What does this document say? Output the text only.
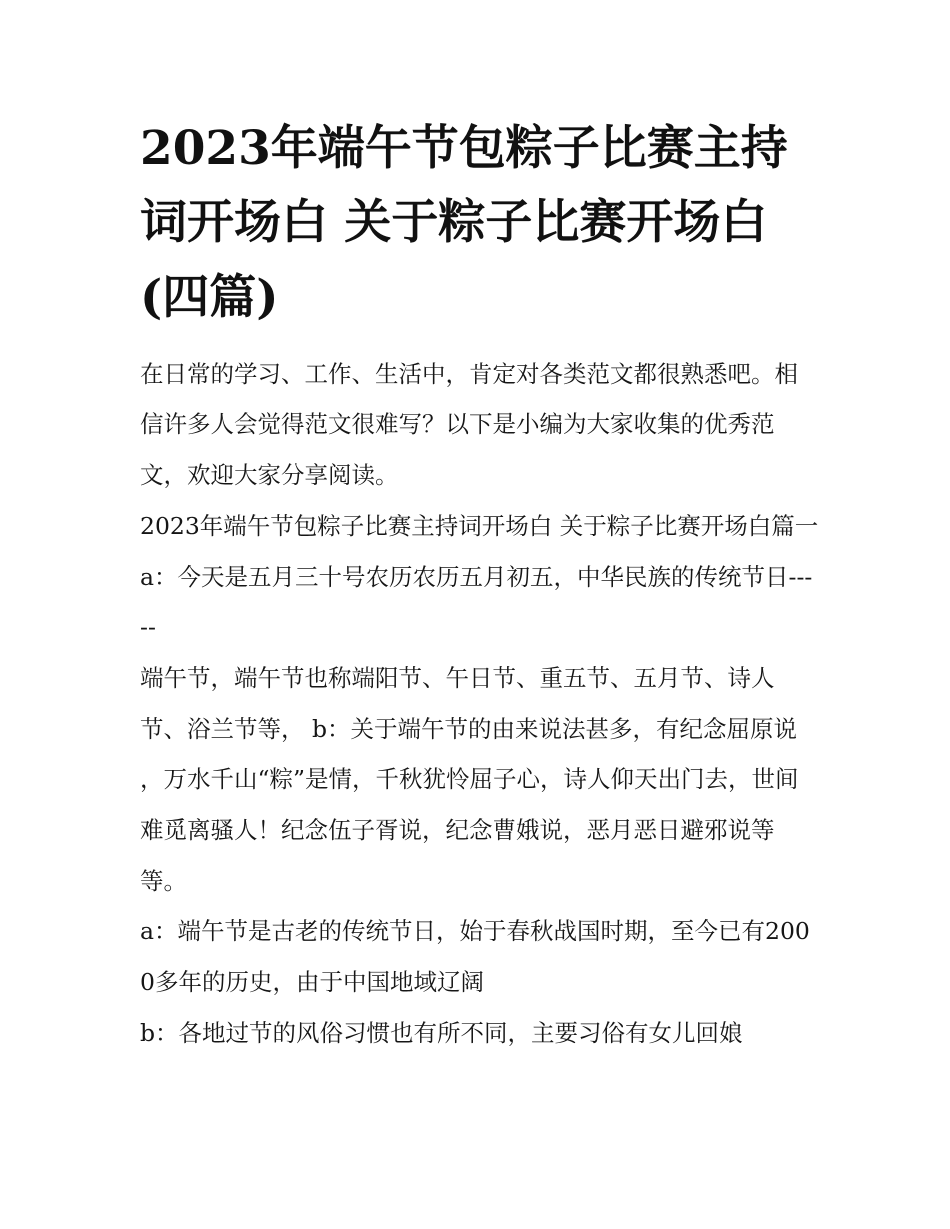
2023年端午节包粽子比赛主持词开场白 关于粽子比赛开场白(四篇)

在日常的学习、工作、生活中，肯定对各类范文都很熟悉吧。相信许多人会觉得范文很难写？以下是小编为大家收集的优秀范文，欢迎大家分享阅读。

2023年端午节包粽子比赛主持词开场白 关于粽子比赛开场白篇一 a：今天是五月三十号农历农历五月初五，中华民族的传统节日-----

端午节，端午节也称端阳节、午日节、重五节、五月节、诗人节、浴兰节等， b：关于端午节的由来说法甚多，有纪念屈原说

，万水千山“粽”是情，千秋犹怜屈子心，诗人仰天出门去，世间难觅离骚人！纪念伍子胥说，纪念曹娥说，恶月恶日避邪说等等。

a：端午节是古老的传统节日，始于春秋战国时期，至今已有2000多年的历史，由于中国地域辽阔

b：各地过节的风俗习惯也有所不同，主要习俗有女儿回娘
